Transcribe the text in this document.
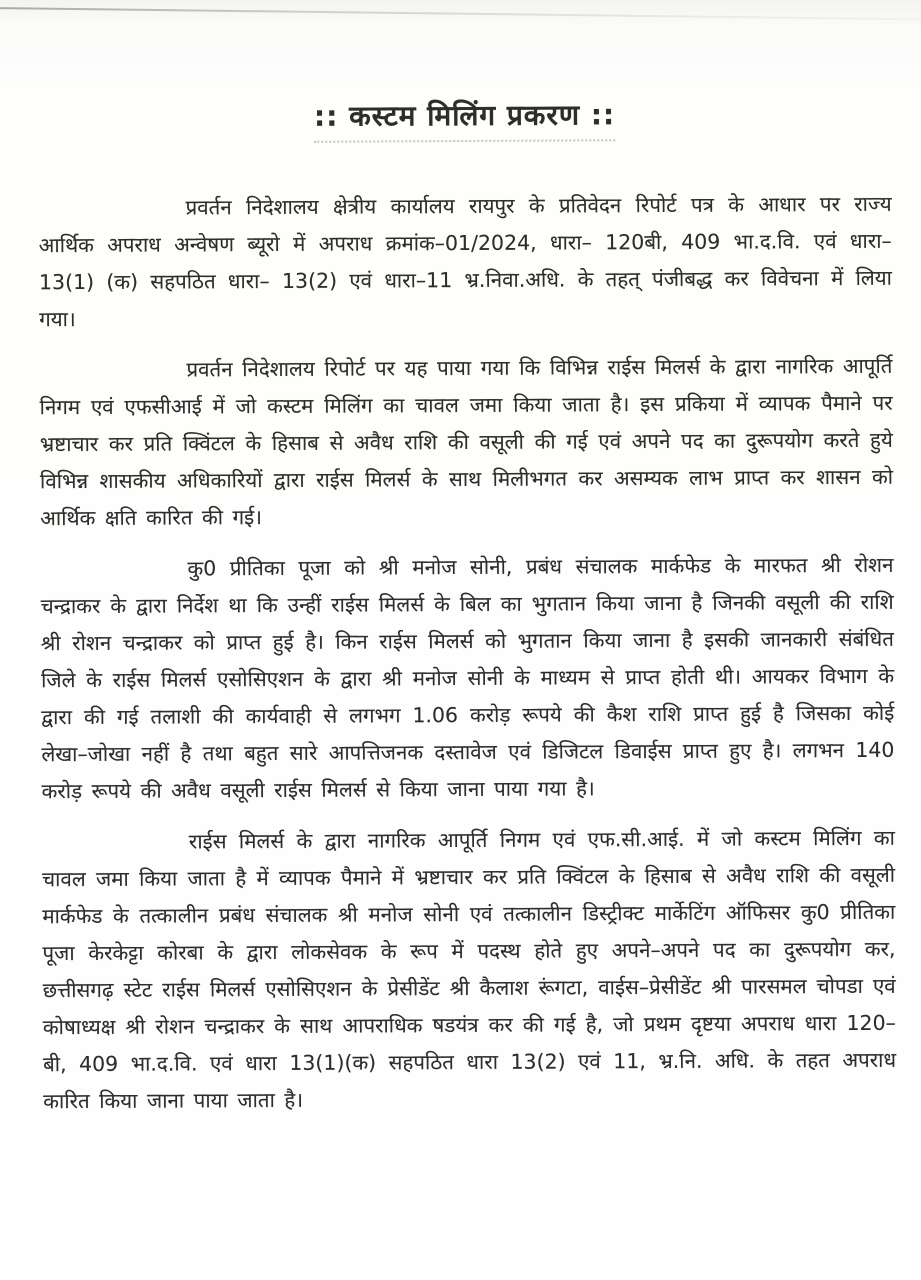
:: कस्टम मिलिंग प्रकरण ::

प्रवर्तन निदेशालय क्षेत्रीय कार्यालय रायपुर के प्रतिवेदन रिपोर्ट पत्र के आधार पर राज्य आर्थिक अपराध अन्वेषण ब्यूरो में अपराध क्रमांक–01/2024, धारा– 120बी, 409 भा.द.वि. एवं धारा– 13(1) (क) सहपठित धारा– 13(2) एवं धारा–11 भ्र.निवा.अधि. के तहत् पंजीबद्ध कर विवेचना में लिया गया।

प्रवर्तन निदेशालय रिपोर्ट पर यह पाया गया कि विभिन्न राईस मिलर्स के द्वारा नागरिक आपूर्ति निगम एवं एफसीआई में जो कस्टम मिलिंग का चावल जमा किया जाता है। इस प्रकिया में व्यापक पैमाने पर भ्रष्टाचार कर प्रति क्विंटल के हिसाब से अवैध राशि की वसूली की गई एवं अपने पद का दुरूपयोग करते हुये विभिन्न शासकीय अधिकारियों द्वारा राईस मिलर्स के साथ मिलीभगत कर असम्यक लाभ प्राप्त कर शासन को आर्थिक क्षति कारित की गई।

कु0 प्रीतिका पूजा को श्री मनोज सोनी, प्रबंध संचालक मार्कफेड के मारफत श्री रोशन चन्द्राकर के द्वारा निर्देश था कि उन्हीं राईस मिलर्स के बिल का भुगतान किया जाना है जिनकी वसूली की राशि श्री रोशन चन्द्राकर को प्राप्त हुई है। किन राईस मिलर्स को भुगतान किया जाना है इसकी जानकारी संबंधित जिले के राईस मिलर्स एसोसिएशन के द्वारा श्री मनोज सोनी के माध्यम से प्राप्त होती थी। आयकर विभाग के द्वारा की गई तलाशी की कार्यवाही से लगभग 1.06 करोड़ रूपये की कैश राशि प्राप्त हुई है जिसका कोई लेखा–जोखा नहीं है तथा बहुत सारे आपत्तिजनक दस्तावेज एवं डिजिटल डिवाईस प्राप्त हुए है। लगभन 140 करोड़ रूपये की अवैध वसूली राईस मिलर्स से किया जाना पाया गया है।

राईस मिलर्स के द्वारा नागरिक आपूर्ति निगम एवं एफ.सी.आई. में जो कस्टम मिलिंग का चावल जमा किया जाता है में व्यापक पैमाने में भ्रष्टाचार कर प्रति क्विंटल के हिसाब से अवैध राशि की वसूली मार्कफेड के तत्कालीन प्रबंध संचालक श्री मनोज सोनी एवं तत्कालीन डिस्ट्रीक्ट मार्केटिंग ऑफिसर कु0 प्रीतिका पूजा केरकेट्टा कोरबा के द्वारा लोकसेवक के रूप में पदस्थ होते हुए अपने–अपने पद का दुरूपयोग कर, छत्तीसगढ़ स्टेट राईस मिलर्स एसोसिएशन के प्रेसीडेंट श्री कैलाश रूंगटा, वाईस–प्रेसीडेंट श्री पारसमल चोपडा एवं कोषाध्यक्ष श्री रोशन चन्द्राकर के साथ आपराधिक षडयंत्र कर की गई है, जो प्रथम दृष्टया अपराध धारा 120–बी, 409 भा.द.वि. एवं धारा 13(1)(क) सहपठित धारा 13(2) एवं 11, भ्र.नि. अधि. के तहत अपराध कारित किया जाना पाया जाता है।
